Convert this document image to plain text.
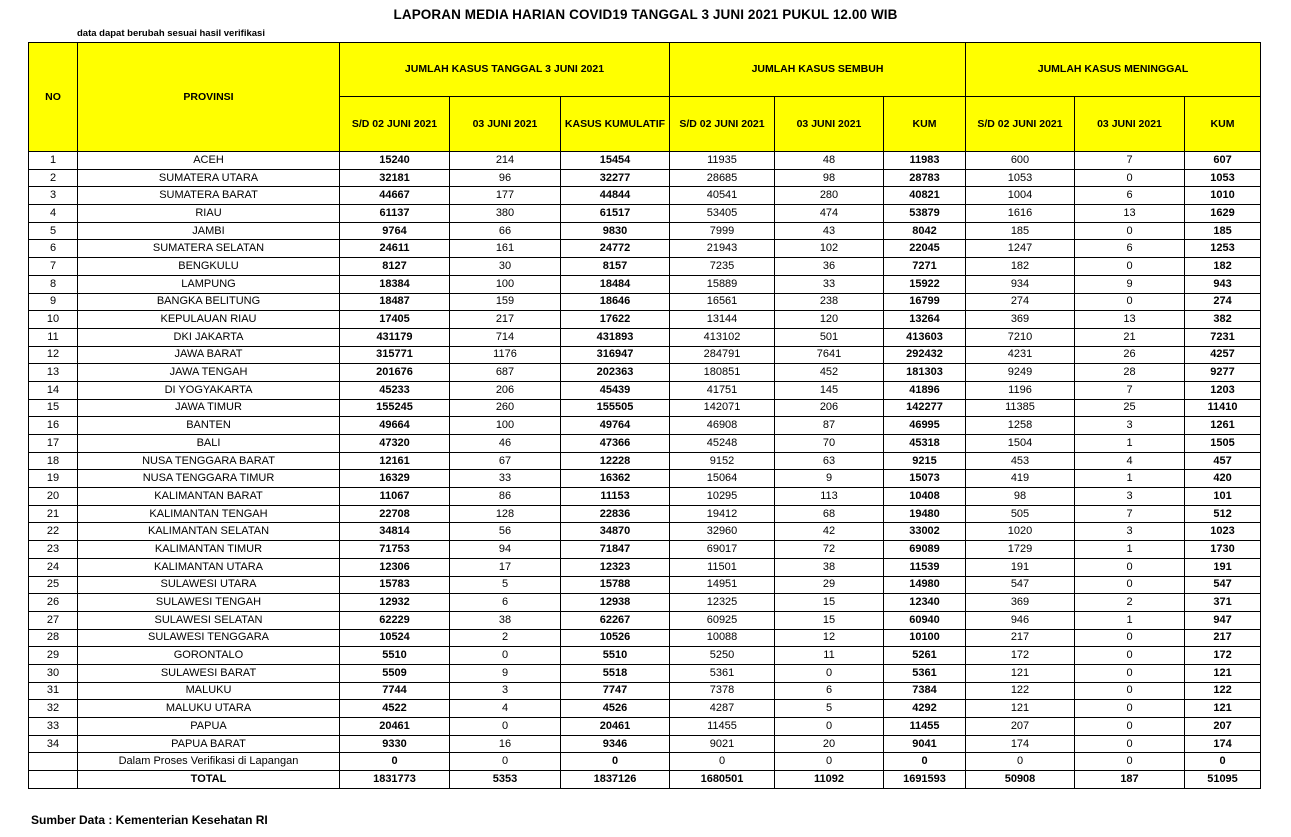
LAPORAN MEDIA HARIAN COVID19 TANGGAL 3 JUNI 2021 PUKUL 12.00 WIB
data dapat berubah sesuai hasil verifikasi
NO	PROVINSI	JUMLAH KASUS TANGGAL 3 JUNI 2021			JUMLAH KASUS SEMBUH			JUMLAH KASUS MENINGGAL		
		S/D 02 JUNI 2021	03 JUNI 2021	KASUS KUMULATIF	S/D 02 JUNI 2021	03 JUNI 2021	KUM	S/D 02 JUNI 2021	03 JUNI 2021	KUM
1	ACEH	15240	214	15454	11935	48	11983	600	7	607
2	SUMATERA UTARA	32181	96	32277	28685	98	28783	1053	0	1053
3	SUMATERA BARAT	44667	177	44844	40541	280	40821	1004	6	1010
4	RIAU	61137	380	61517	53405	474	53879	1616	13	1629
5	JAMBI	9764	66	9830	7999	43	8042	185	0	185
6	SUMATERA SELATAN	24611	161	24772	21943	102	22045	1247	6	1253
7	BENGKULU	8127	30	8157	7235	36	7271	182	0	182
8	LAMPUNG	18384	100	18484	15889	33	15922	934	9	943
9	BANGKA BELITUNG	18487	159	18646	16561	238	16799	274	0	274
10	KEPULAUAN RIAU	17405	217	17622	13144	120	13264	369	13	382
11	DKI JAKARTA	431179	714	431893	413102	501	413603	7210	21	7231
12	JAWA BARAT	315771	1176	316947	284791	7641	292432	4231	26	4257
13	JAWA TENGAH	201676	687	202363	180851	452	181303	9249	28	9277
14	DI YOGYAKARTA	45233	206	45439	41751	145	41896	1196	7	1203
15	JAWA TIMUR	155245	260	155505	142071	206	142277	11385	25	11410
16	BANTEN	49664	100	49764	46908	87	46995	1258	3	1261
17	BALI	47320	46	47366	45248	70	45318	1504	1	1505
18	NUSA TENGGARA BARAT	12161	67	12228	9152	63	9215	453	4	457
19	NUSA TENGGARA TIMUR	16329	33	16362	15064	9	15073	419	1	420
20	KALIMANTAN BARAT	11067	86	11153	10295	113	10408	98	3	101
21	KALIMANTAN TENGAH	22708	128	22836	19412	68	19480	505	7	512
22	KALIMANTAN SELATAN	34814	56	34870	32960	42	33002	1020	3	1023
23	KALIMANTAN TIMUR	71753	94	71847	69017	72	69089	1729	1	1730
24	KALIMANTAN UTARA	12306	17	12323	11501	38	11539	191	0	191
25	SULAWESI UTARA	15783	5	15788	14951	29	14980	547	0	547
26	SULAWESI TENGAH	12932	6	12938	12325	15	12340	369	2	371
27	SULAWESI SELATAN	62229	38	62267	60925	15	60940	946	1	947
28	SULAWESI TENGGARA	10524	2	10526	10088	12	10100	217	0	217
29	GORONTALO	5510	0	5510	5250	11	5261	172	0	172
30	SULAWESI BARAT	5509	9	5518	5361	0	5361	121	0	121
31	MALUKU	7744	3	7747	7378	6	7384	122	0	122
32	MALUKU UTARA	4522	4	4526	4287	5	4292	121	0	121
33	PAPUA	20461	0	20461	11455	0	11455	207	0	207
34	PAPUA BARAT	9330	16	9346	9021	20	9041	174	0	174
	Dalam Proses Verifikasi di Lapangan	0	0	0	0	0	0	0	0	0
	TOTAL	1831773	5353	1837126	1680501	11092	1691593	50908	187	51095
Sumber Data : Kementerian Kesehatan RI
